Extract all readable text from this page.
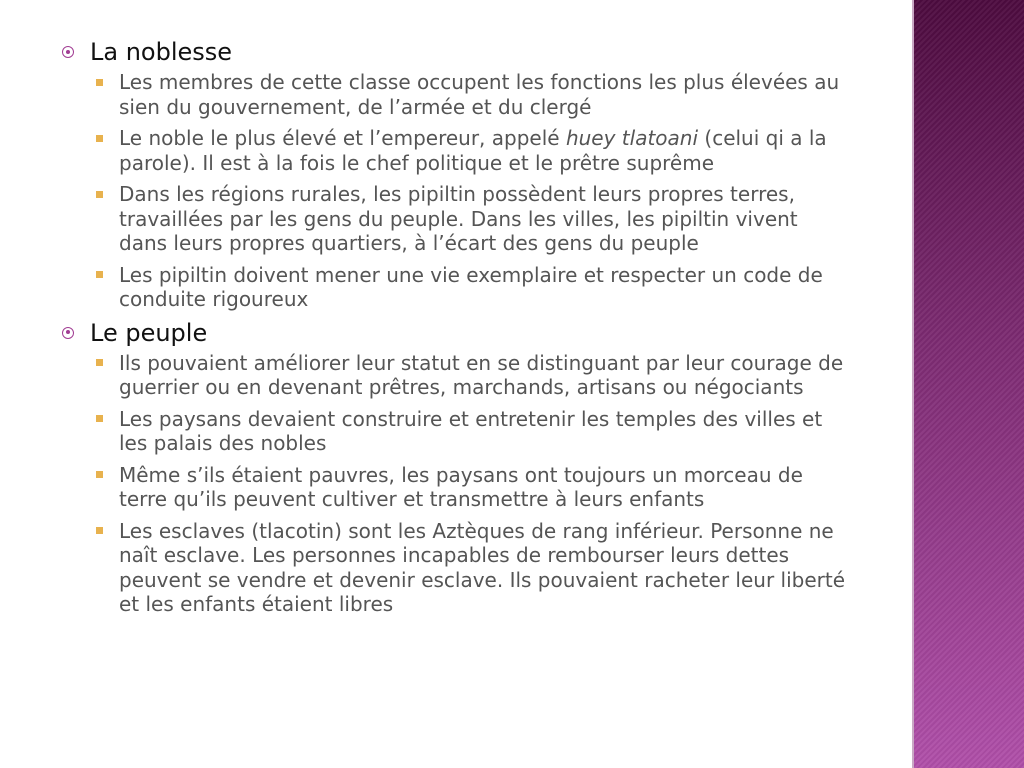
La noblesse
Les membres de cette classe occupent les fonctions les plus élevées au sien du gouvernement, de l’armée et du clergé
Le noble le plus élevé et l’empereur, appelé huey tlatoani (celui qi a la parole). Il est à la fois le chef politique et le prêtre suprême
Dans les régions rurales, les pipiltin possèdent leurs propres terres, travaillées par les gens du peuple. Dans les villes, les pipiltin vivent dans leurs propres quartiers, à l’écart des gens du peuple
Les pipiltin doivent mener une vie exemplaire et respecter un code de conduite rigoureux
Le peuple
Ils pouvaient améliorer leur statut en se distinguant par leur courage de guerrier ou en devenant prêtres, marchands, artisans ou négociants
Les paysans devaient construire et entretenir les temples des villes et les palais des nobles
Même s’ils étaient pauvres, les paysans ont toujours un morceau de terre qu’ils peuvent cultiver et transmettre à leurs enfants
Les esclaves (tlacotin) sont les Aztèques de rang inférieur. Personne ne naît esclave. Les personnes incapables de rembourser leurs dettes peuvent se vendre et devenir esclave. Ils pouvaient racheter leur liberté et les enfants étaient libres
